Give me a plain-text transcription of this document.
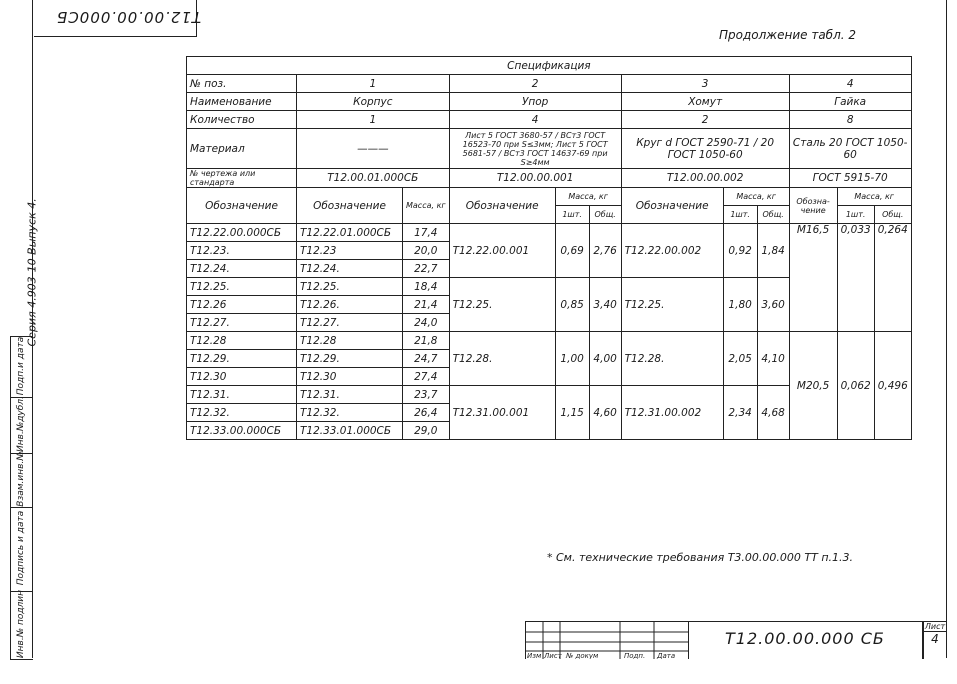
T12.00.00.000CБ
Серия 4.903-10 Выпуск 4.
Подп.и дата
Инв.№дубл.
Взам.инв.№
Подпись и дата
Инв.№ подлин
Продолжение табл. 2
Спецификация											
№ поз.	1		2			3			4		
Наименование	Корпус		Упор			Хомут			Гайка		
Количество	1		4			2			8		
Материал	———		Лист 5 ГОСТ 3680-57 / ВСт3 ГОСТ 16523-70 при S≤3мм; Лист 5 ГОСТ 5681-57 / ВСт3 ГОСТ 14637-69 при S≥4мм			Круг d ГОСТ 2590-71 / 20 ГОСТ 1050-60			Сталь 20 ГОСТ 1050-60		
№ чертежа или стандарта	T12.00.01.000СБ		T12.00.00.001			T12.00.00.002			ГОСТ 5915-70		
Обозначение	Обозначение	Масса, кг	Обозначение	Масса, кг		Обозначение	Масса, кг		Обозна-чение	Масса, кг	
				1шт.	Общ.		1шт.	Общ.		1шт.	Общ.
T12.22.00.000СБ	T12.22.01.000СБ	17,4	T12.22.00.001	0,69	2,76	T12.22.00.002	0,92	1,84	M16,5	0,033	0,264
T12.23.	T12.23	20,0									
T12.24.	T12.24.	22,7									
T12.25.	T12.25.	18,4	T12.25.	0,85	3,40	T12.25.	1,80	3,60			
T12.26	T12.26.	21,4									
T12.27.	T12.27.	24,0									
T12.28	T12.28	21,8	T12.28.	1,00	4,00	T12.28.	2,05	4,10	M20,5	0,062	0,496
T12.29.	T12.29.	24,7									
T12.30	T12.30	27,4									
T12.31.	T12.31.	23,7	T12.31.00.001	1,15	4,60	T12.31.00.002	2,34	4,68			
T12.32.	T12.32.	26,4									
T12.33.00.000СБ	T12.33.01.000СБ	29,0									
* См. технические требования T3.00.00.000 TT п.1.3.
Изм Лист № докум	Подп. Дата
T12.00.00.000 СБ
Лист
4
